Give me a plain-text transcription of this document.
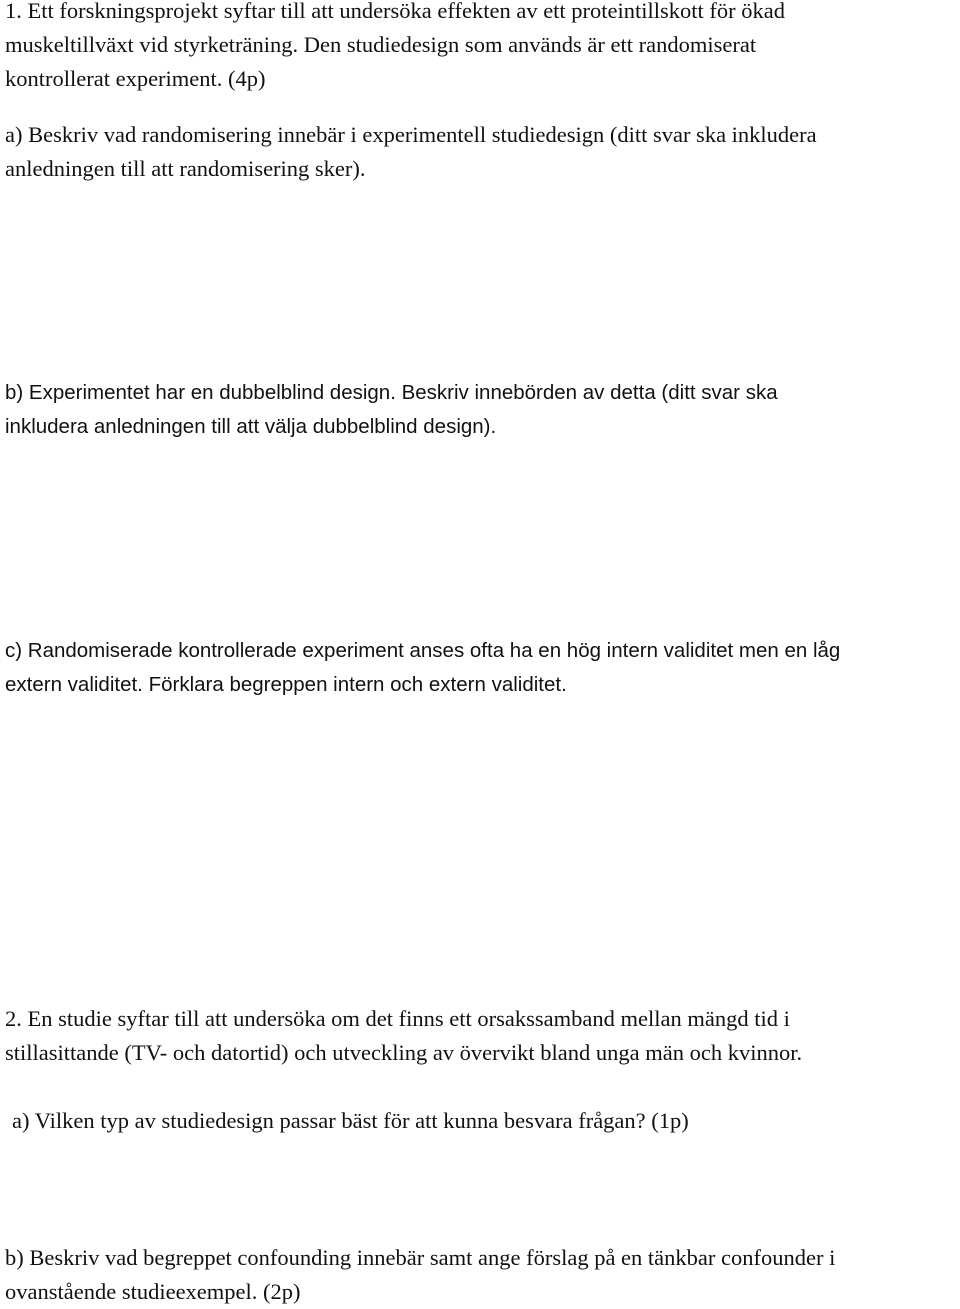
1. Ett forskningsprojekt syftar till att undersöka effekten av ett proteintillskott för ökad
muskeltillväxt vid styrketräning. Den studiedesign som används är ett randomiserat
kontrollerat experiment. (4p)
a) Beskriv vad randomisering innebär i experimentell studiedesign (ditt svar ska inkludera
anledningen till att randomisering sker).
b) Experimentet har en dubbelblind design. Beskriv innebörden av detta (ditt svar ska
inkludera anledningen till att välja dubbelblind design).
c) Randomiserade kontrollerade experiment anses ofta ha en hög intern validitet men en låg
extern validitet. Förklara begreppen intern och extern validitet.
2. En studie syftar till att undersöka om det finns ett orsakssamband mellan mängd tid i
stillasittande (TV- och datortid) och utveckling av övervikt bland unga män och kvinnor.
a) Vilken typ av studiedesign passar bäst för att kunna besvara frågan? (1p)
b) Beskriv vad begreppet confounding innebär samt ange förslag på en tänkbar confounder i
ovanstående studieexempel. (2p)
